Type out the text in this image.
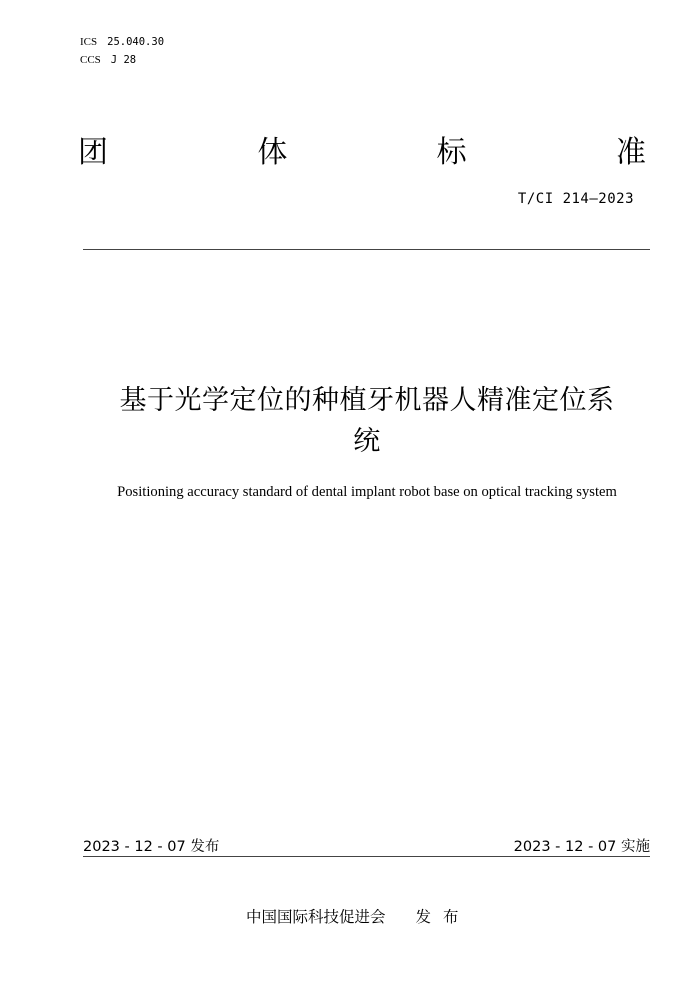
ICS 25.040.30
CCS J 28
团	体	标	准
T/CI 214—2023
基于光学定位的种植牙机器人精准定位系
统
Positioning accuracy standard of dental implant robot base on optical tracking system
2023 - 12 - 07 发布	2023 - 12 - 07 实施
中国国际科技促进会 发布
